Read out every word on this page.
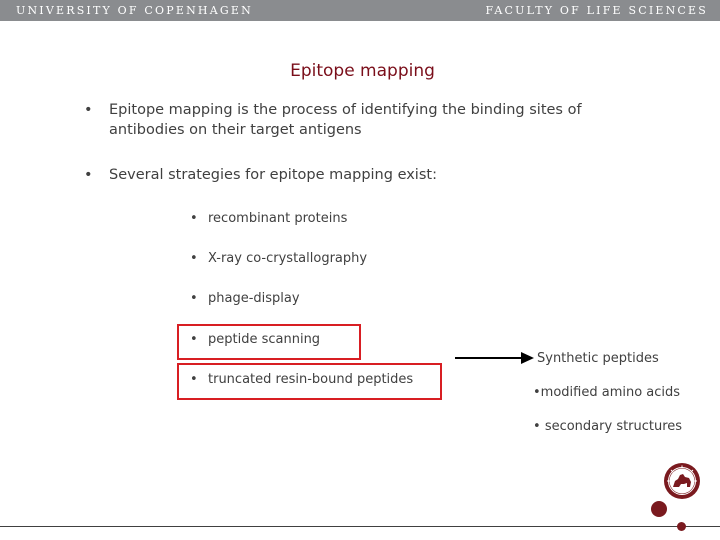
UNIVERSITY OF COPENHAGEN	FACULTY OF LIFE SCIENCES
Epitope mapping
• Epitope mapping is the process of identifying the binding sites of antibodies on their target antigens
• Several strategies for epitope mapping exist:
• recombinant proteins
• X-ray co-crystallography
• phage-display
• peptide scanning
• truncated resin-bound peptides
Synthetic peptides
•modified amino acids
• secondary structures
